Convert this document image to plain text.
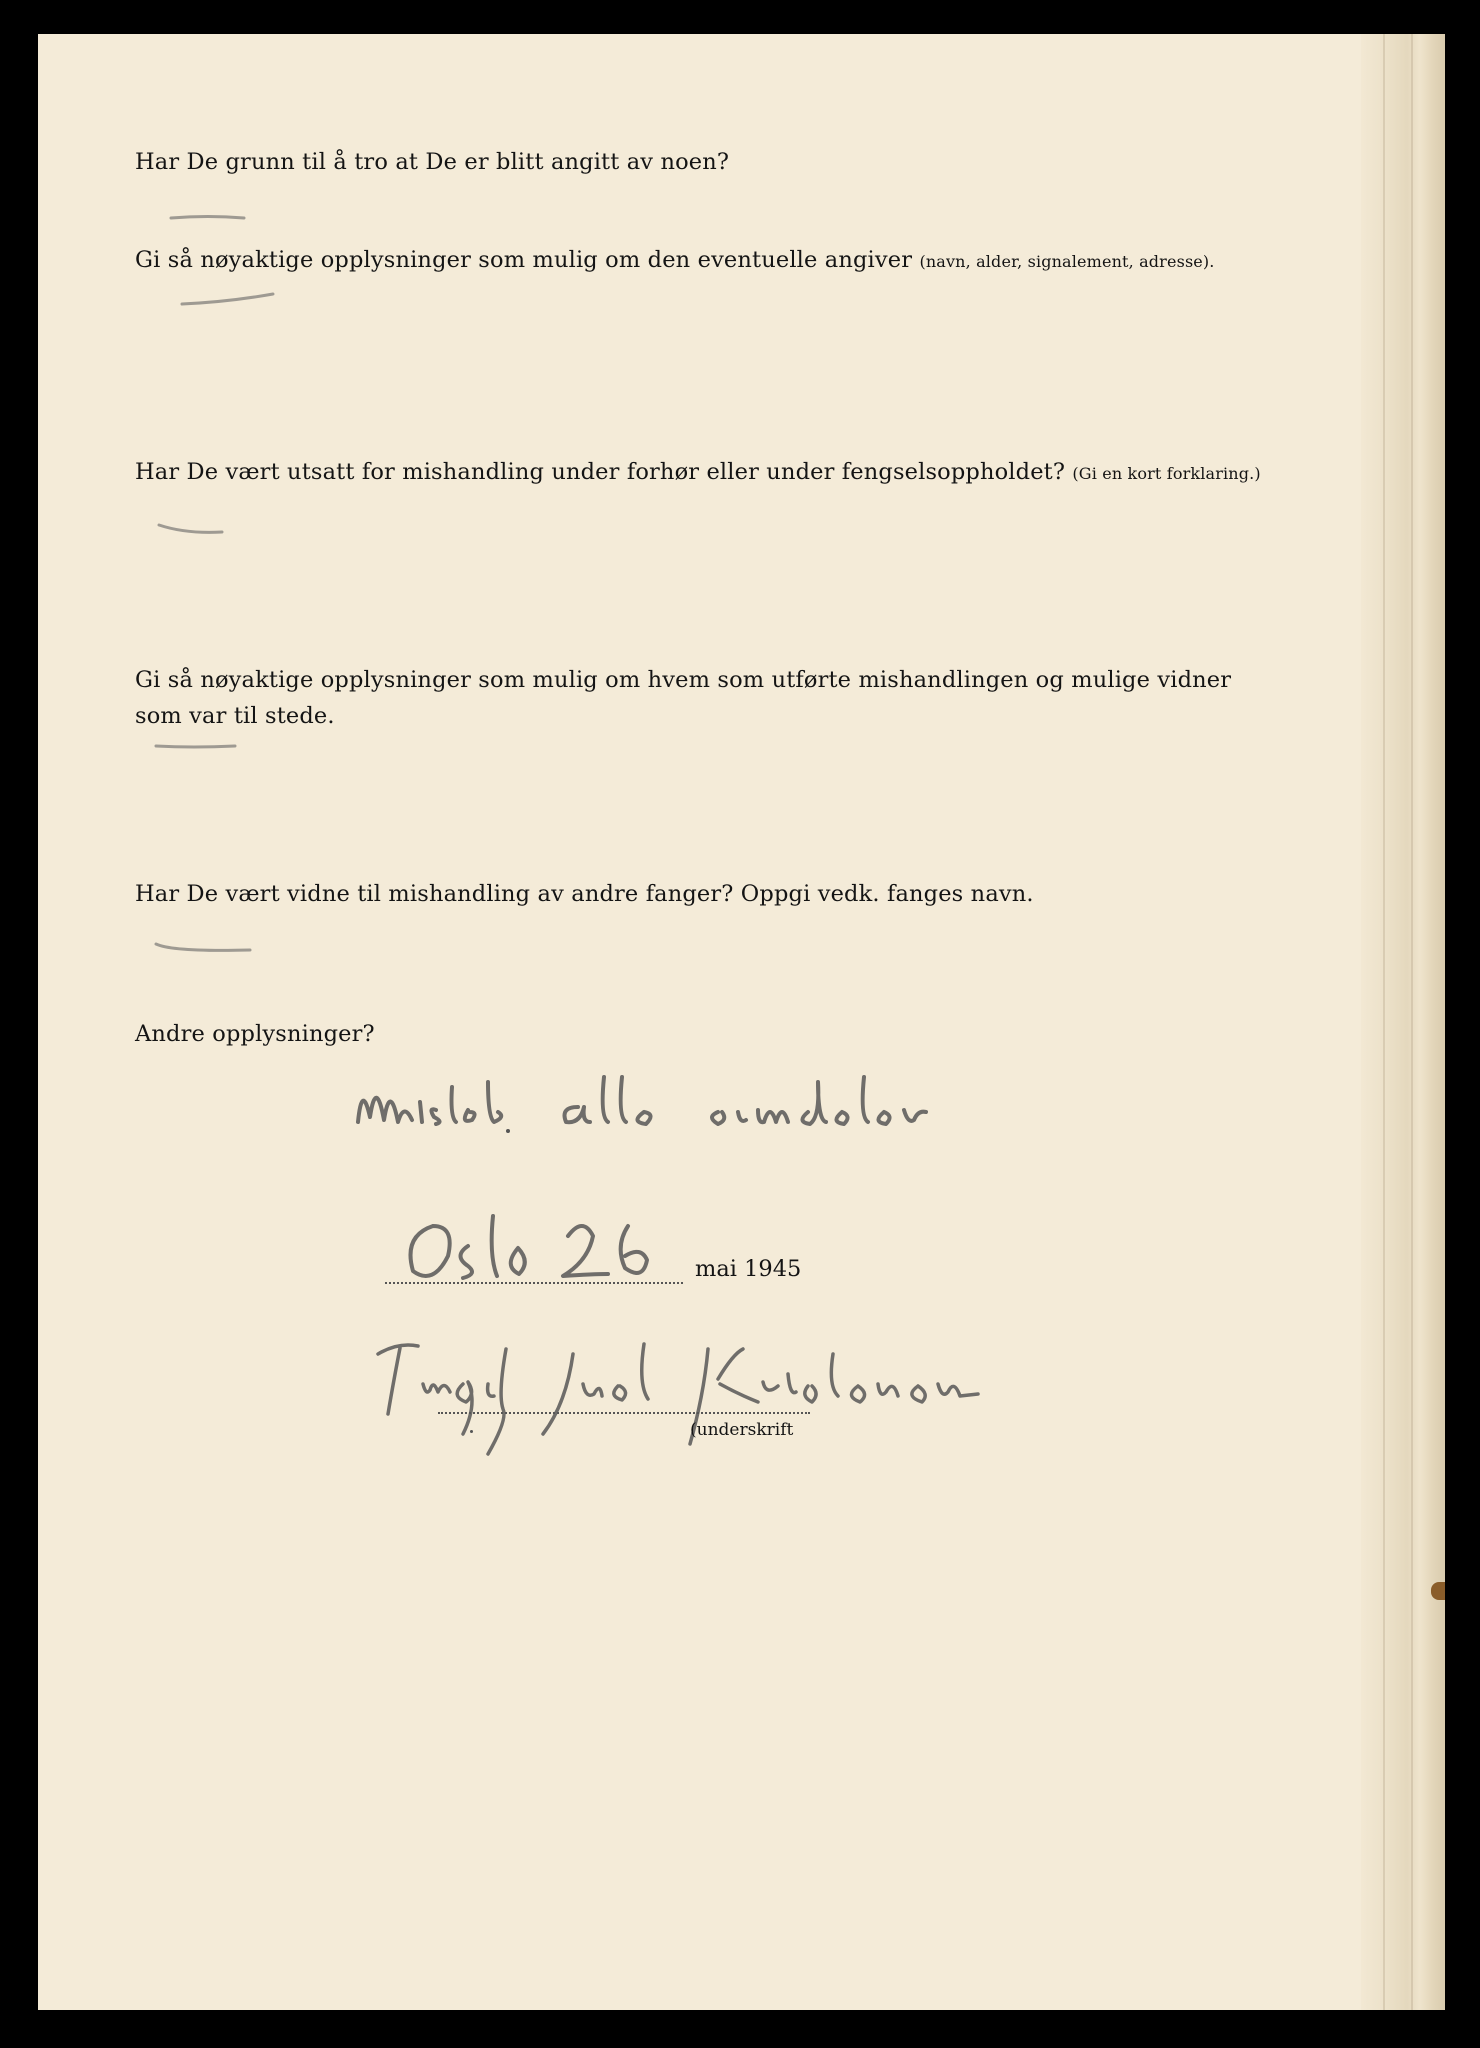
Har De grunn til å tro at De er blitt angitt av noen?
Gi så nøyaktige opplysninger som mulig om den eventuelle angiver (navn, alder, signalement, adresse).
Har De vært utsatt for mishandling under forhør eller under fengselsoppholdet? (Gi en kort forklaring.)
Gi så nøyaktige opplysninger som mulig om hvem som utførte mishandlingen og mulige vidner
som var til stede.
Har De vært vidne til mishandling av andre fanger? Oppgi vedk. fanges navn.
Andre opplysninger?
mai 1945
(underskrift
